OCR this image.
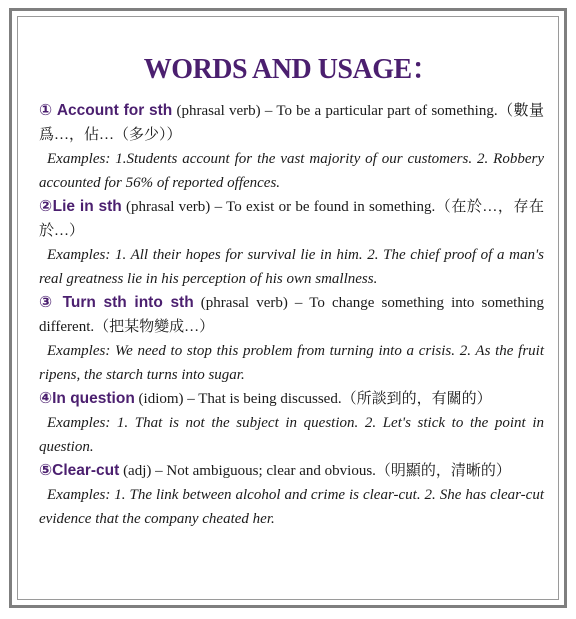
WORDS AND USAGE：

① Account for sth (phrasal verb) – To be a particular part of something.（數量爲…，佔…（多少））

Examples: 1.Students account for the vast majority of our customers. 2. Robbery accounted for 56% of reported offences.

②Lie in sth (phrasal verb) – To exist or be found in something.（在於…，存在於…）

Examples: 1. All their hopes for survival lie in him. 2. The chief proof of a man's real greatness lie in his perception of his own smallness.

③ Turn sth into sth (phrasal verb) – To change something into something different.（把某物變成…）

Examples: We need to stop this problem from turning into a crisis. 2. As the fruit ripens, the starch turns into sugar.

④In question (idiom) – That is being discussed.（所談到的，有關的）

Examples: 1. That is not the subject in question. 2. Let's stick to the point in question.

⑤Clear-cut (adj) – Not ambiguous; clear and obvious.（明顯的，清晰的）

Examples: 1. The link between alcohol and crime is clear-cut. 2. She has clear-cut evidence that the company cheated her.
